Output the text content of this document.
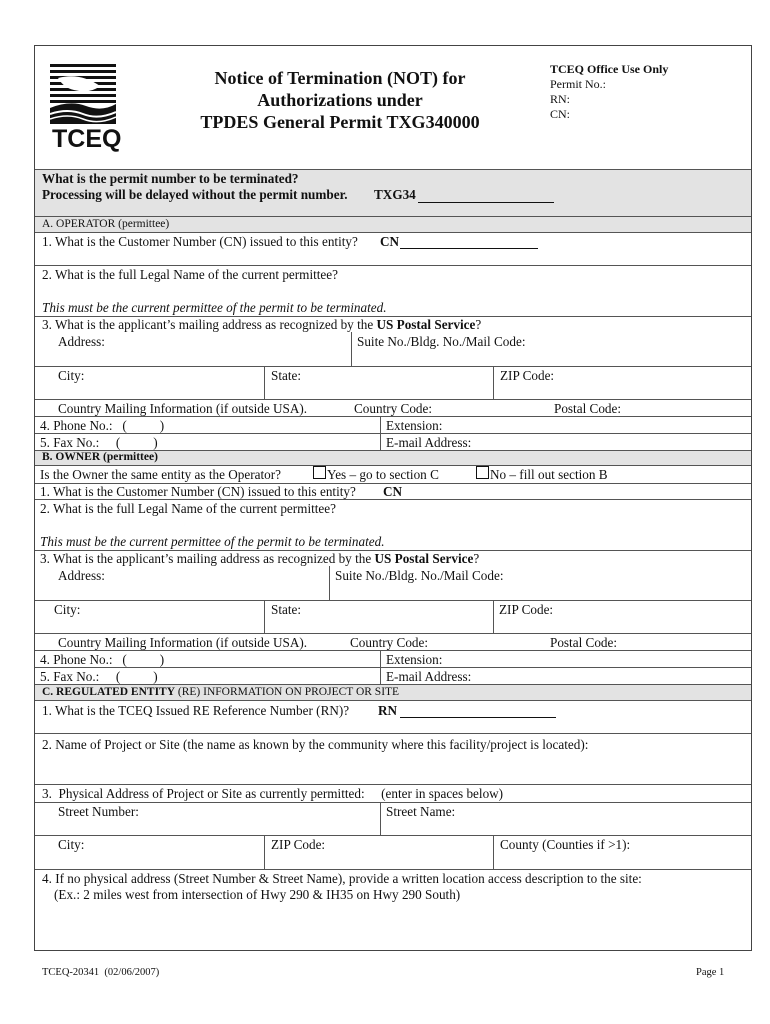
TCEQ
Notice of Termination (NOT) for
Authorizations under
TPDES General Permit TXG340000
TCEQ Office Use Only
Permit No.:
RN:
CN:
What is the permit number to be terminated?
Processing will be delayed without the permit number. TXG34
A. OPERATOR (permittee)
1. What is the Customer Number (CN) issued to this entity? CN
2. What is the full Legal Name of the current permittee?
This must be the current permittee of the permit to be terminated.
3. What is the applicant’s mailing address as recognized by the US Postal Service?
Address:	Suite No./Bldg. No./Mail Code:
City:	State:	ZIP Code:
Country Mailing Information (if outside USA).	Country Code:	Postal Code:
4. Phone No.:   (          )	Extension:
5. Fax No.:     (          )	E-mail Address:
B. OWNER (permittee)
Is the Owner the same entity as the Operator?	Yes – go to section C	No – fill out section B
1. What is the Customer Number (CN) issued to this entity? CN
2. What is the full Legal Name of the current permittee?
This must be the current permittee of the permit to be terminated.
3. What is the applicant’s mailing address as recognized by the US Postal Service?
Address:	Suite No./Bldg. No./Mail Code:
City:	State:	ZIP Code:
Country Mailing Information (if outside USA).	Country Code:	Postal Code:
4. Phone No.:   (          )	Extension:
5. Fax No.:     (          )	E-mail Address:
C. REGULATED ENTITY (RE) INFORMATION ON PROJECT OR SITE
1. What is the TCEQ Issued RE Reference Number (RN)? RN
2. Name of Project or Site (the name as known by the community where this facility/project is located):
3.  Physical Address of Project or Site as currently permitted:     (enter in spaces below)
Street Number:	Street Name:
City:	ZIP Code:	County (Counties if >1):
4. If no physical address (Street Number & Street Name), provide a written location access description to the site:
(Ex.: 2 miles west from intersection of Hwy 290 & IH35 on Hwy 290 South)
TCEQ-20341  (02/06/2007)	Page 1
